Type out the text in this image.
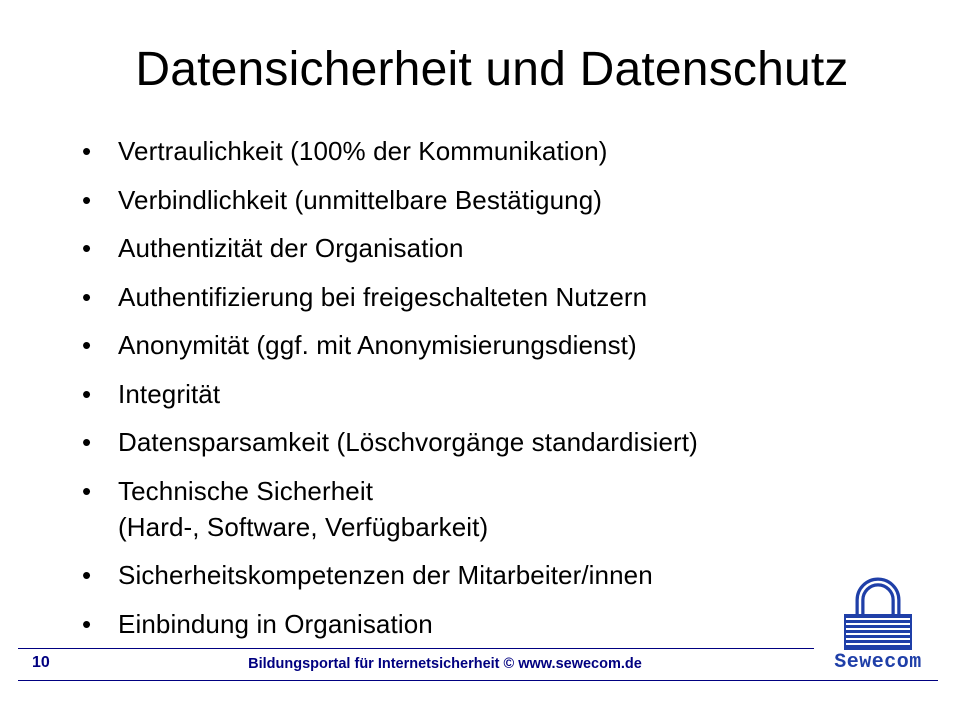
Datensicherheit und Datenschutz
•	Vertraulichkeit (100% der Kommunikation)
•	Verbindlichkeit (unmittelbare Bestätigung)
•	Authentizität der Organisation
•	Authentifizierung bei freigeschalteten Nutzern
•	Anonymität (ggf. mit Anonymisierungsdienst)
•	Integrität
•	Datensparsamkeit (Löschvorgänge standardisiert)
•	Technische Sicherheit
(Hard-, Software, Verfügbarkeit)
•	Sicherheitskompetenzen der Mitarbeiter/innen
•	Einbindung in Organisation
10	Bildungsportal für Internetsicherheit © www.sewecom.de	Sewecom
